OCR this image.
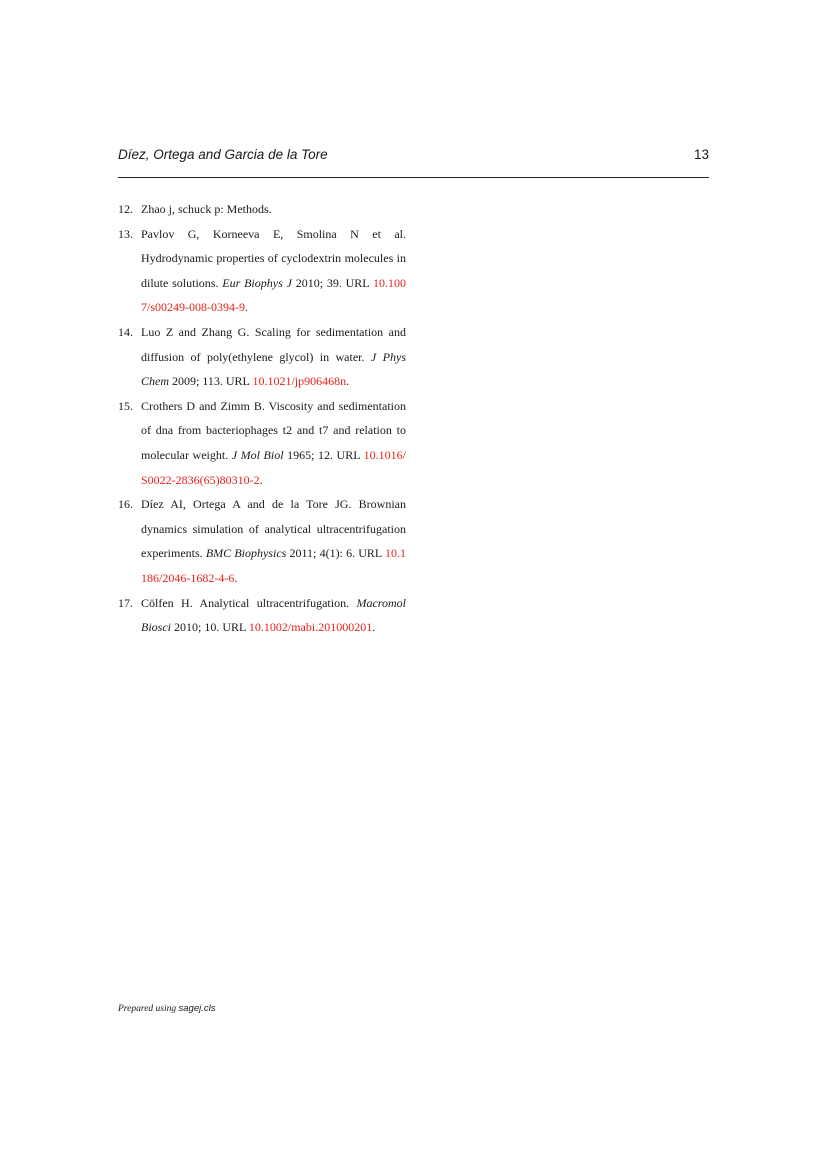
Díez, Ortega and Garcia de la Tore	13
12. Zhao j, schuck p: Methods.
13. Pavlov G, Korneeva E, Smolina N et al. Hydrodynamic properties of cyclodextrin molecules in dilute solutions. Eur Biophys J 2010; 39. URL 10.1007/s00249-008-0394-9.
14. Luo Z and Zhang G. Scaling for sedimentation and diffusion of poly(ethylene glycol) in water. J Phys Chem 2009; 113. URL 10.1021/jp906468n.
15. Crothers D and Zimm B. Viscosity and sedimentation of dna from bacteriophages t2 and t7 and relation to molecular weight. J Mol Biol 1965; 12. URL 10.1016/S0022-2836(65)80310-2.
16. Díez AI, Ortega A and de la Tore JG. Brownian dynamics simulation of analytical ultracentrifugation experiments. BMC Biophysics 2011; 4(1): 6. URL 10.1186/2046-1682-4-6.
17. Cölfen H. Analytical ultracentrifugation. Macromol Biosci 2010; 10. URL 10.1002/mabi.201000201.
Prepared using sagej.cls
